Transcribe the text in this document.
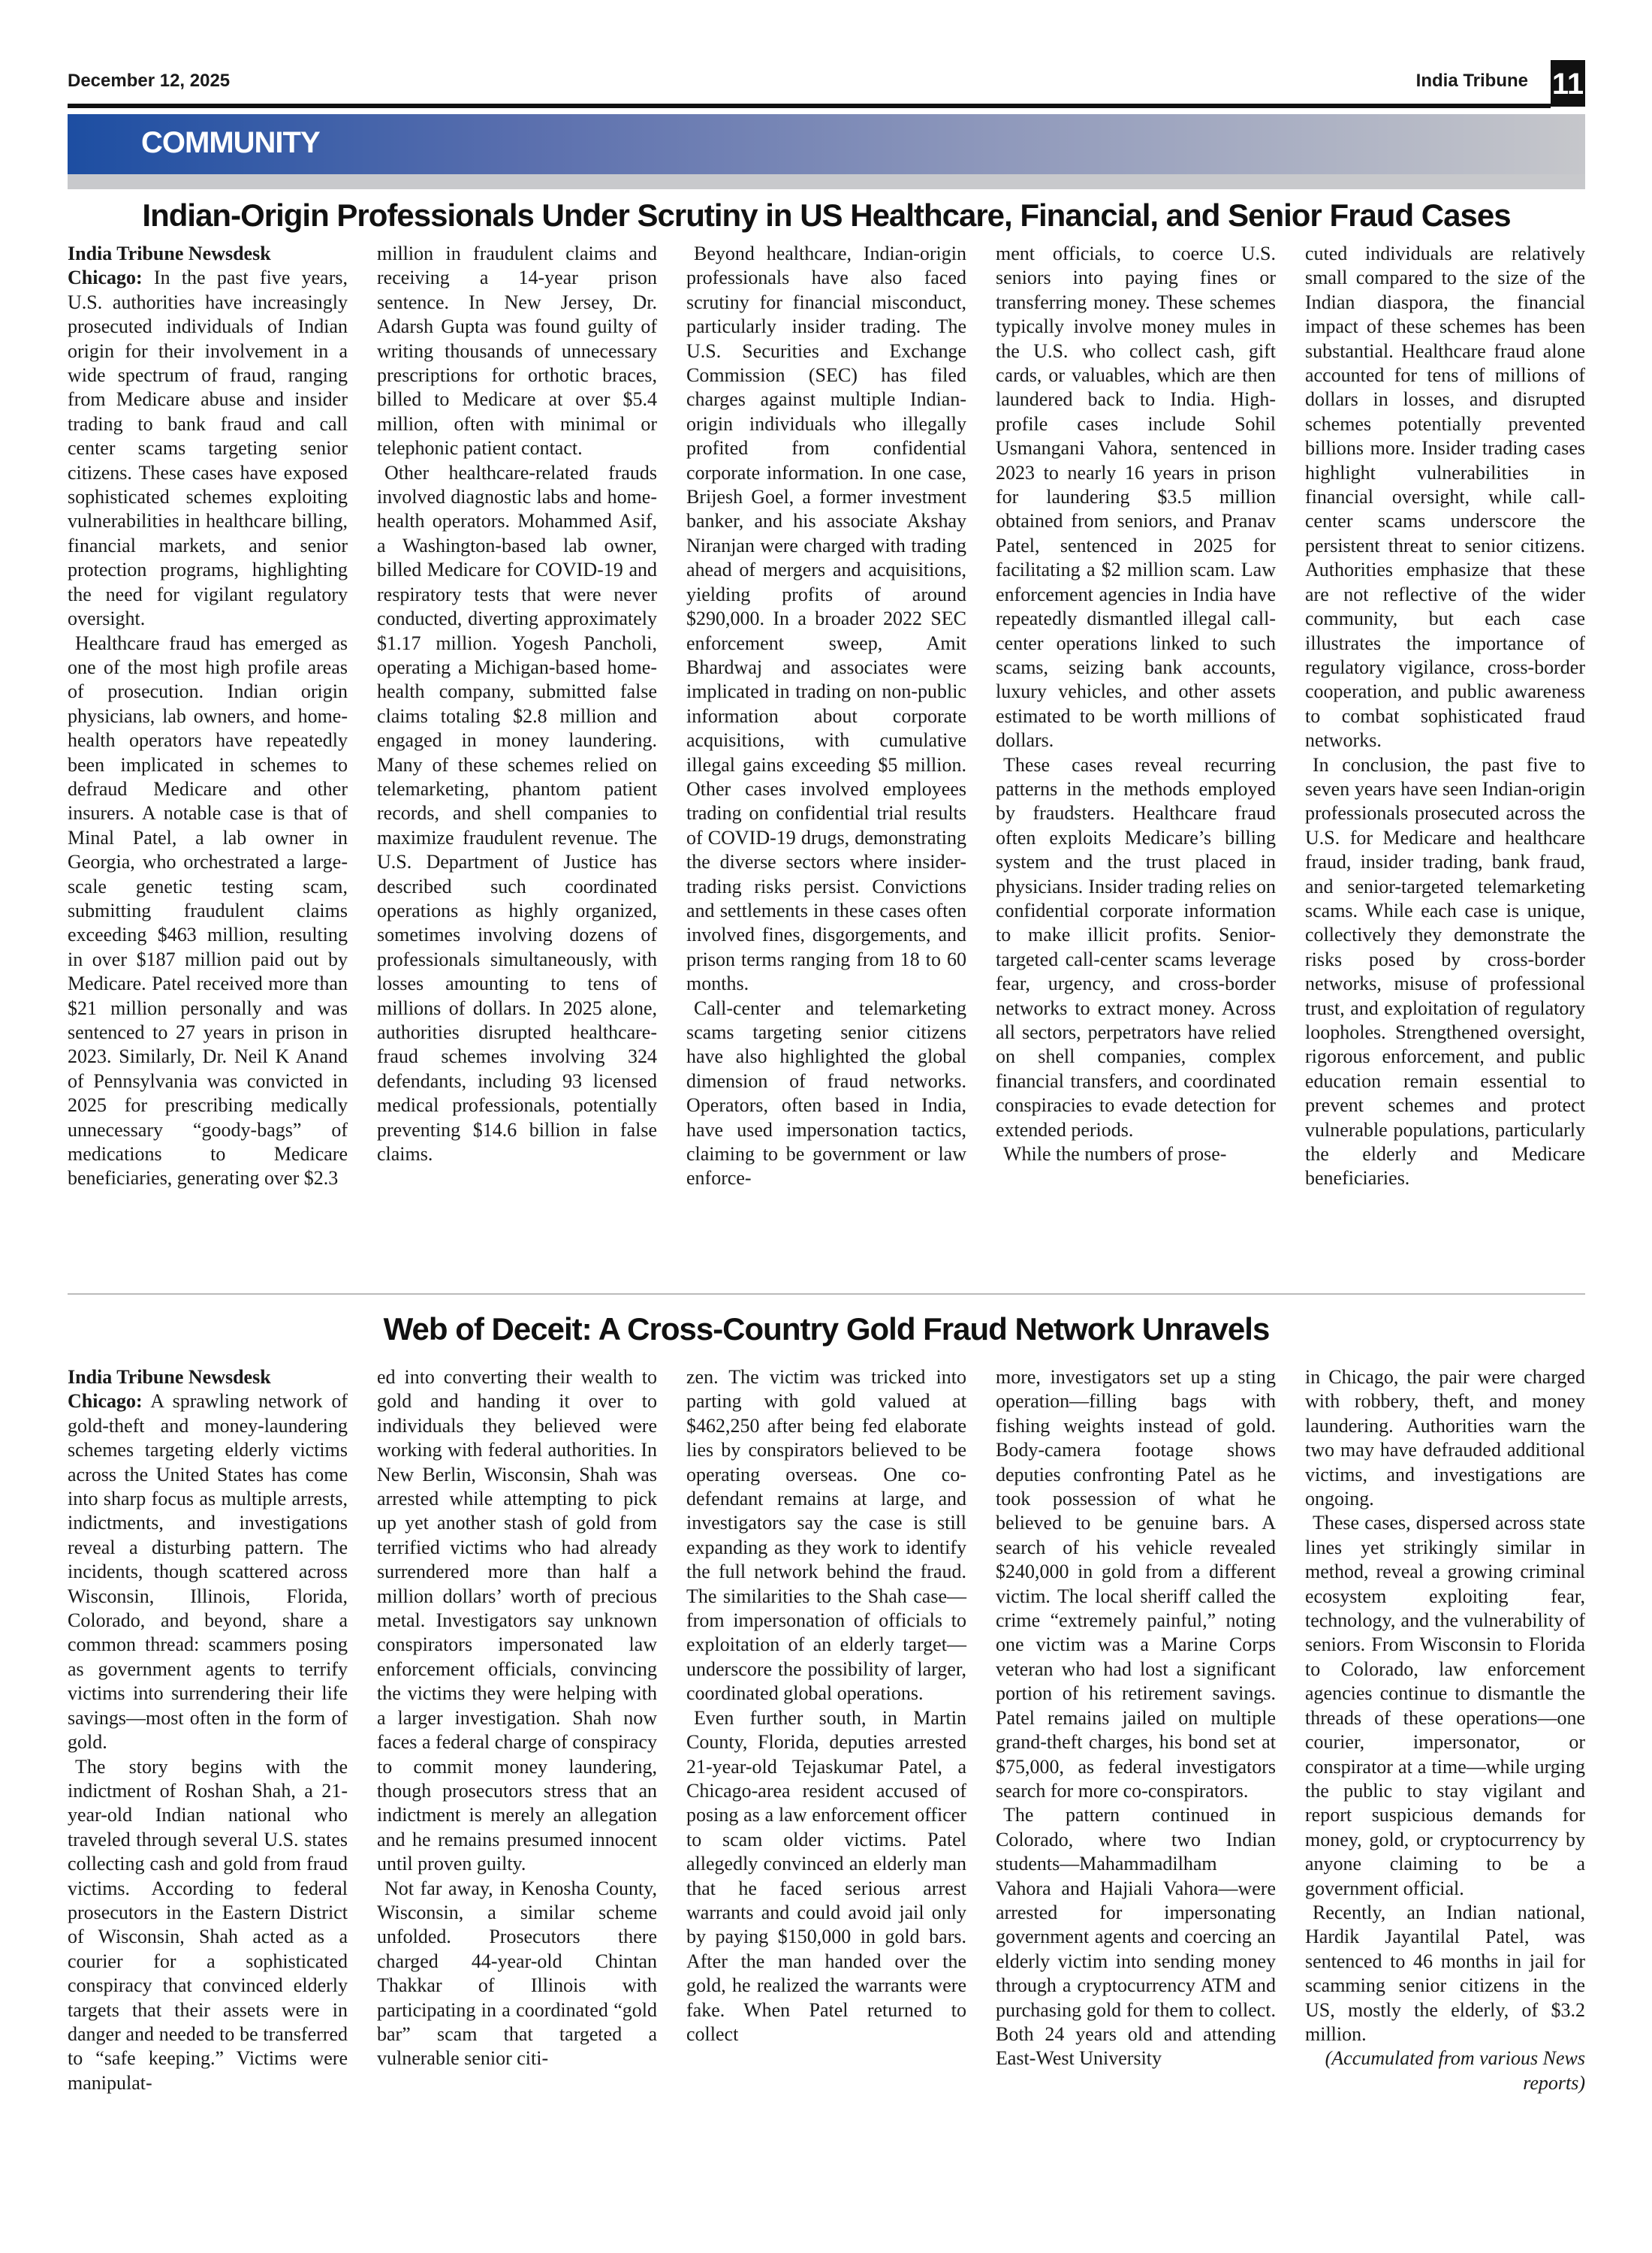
December 12, 2025	India Tribune 11
COMMUNITY
Indian-Origin Professionals Under Scrutiny in US Healthcare, Financial, and Senior Fraud Cases
India Tribune Newsdesk

Chicago: In the past five years, U.S. authorities have increasingly prosecuted individuals of Indian origin for their involvement in a wide spectrum of fraud, ranging from Medicare abuse and insider trading to bank fraud and call center scams targeting senior citizens. These cases have exposed sophisticated schemes exploiting vulnerabilities in healthcare billing, financial markets, and senior protection programs, highlighting the need for vigilant regulatory oversight.

Healthcare fraud has emerged as one of the most high profile areas of prosecution. Indian origin physicians, lab owners, and home-health operators have repeatedly been implicated in schemes to defraud Medicare and other insurers. A notable case is that of Minal Patel, a lab owner in Georgia, who orchestrated a large-scale genetic testing scam, submitting fraudulent claims exceeding $463 million, resulting in over $187 million paid out by Medicare. Patel received more than $21 million personally and was sentenced to 27 years in prison in 2023. Similarly, Dr. Neil K Anand of Pennsylvania was convicted in 2025 for prescribing medically unnecessary “goody-bags” of medications to Medicare beneficiaries, generating over $2.3

million in fraudulent claims and receiving a 14-year prison sentence. In New Jersey, Dr. Adarsh Gupta was found guilty of writing thousands of unnecessary prescriptions for orthotic braces, billed to Medicare at over $5.4 million, often with minimal or telephonic patient contact.

Other healthcare-related frauds involved diagnostic labs and home-health operators. Mohammed Asif, a Washington-based lab owner, billed Medicare for COVID-19 and respiratory tests that were never conducted, diverting approximately $1.17 million. Yogesh Pancholi, operating a Michigan-based home-health company, submitted false claims totaling $2.8 million and engaged in money laundering. Many of these schemes relied on telemarketing, phantom patient records, and shell companies to maximize fraudulent revenue. The U.S. Department of Justice has described such coordinated operations as highly organized, sometimes involving dozens of professionals simultaneously, with losses amounting to tens of millions of dollars. In 2025 alone, authorities disrupted healthcare-fraud schemes involving 324 defendants, including 93 licensed medical professionals, potentially preventing $14.6 billion in false claims.

Beyond healthcare, Indian-origin professionals have also faced scrutiny for financial misconduct, particularly insider trading. The U.S. Securities and Exchange Commission (SEC) has filed charges against multiple Indian-origin individuals who illegally profited from confidential corporate information. In one case, Brijesh Goel, a former investment banker, and his associate Akshay Niranjan were charged with trading ahead of mergers and acquisitions, yielding profits of around $290,000. In a broader 2022 SEC enforcement sweep, Amit Bhardwaj and associates were implicated in trading on non-public information about corporate acquisitions, with cumulative illegal gains exceeding $5 million. Other cases involved employees trading on confidential trial results of COVID-19 drugs, demonstrating the diverse sectors where insider-trading risks persist. Convictions and settlements in these cases often involved fines, disgorgements, and prison terms ranging from 18 to 60 months.

Call-center and telemarketing scams targeting senior citizens have also highlighted the global dimension of fraud networks. Operators, often based in India, have used impersonation tactics, claiming to be government or law enforce-

ment officials, to coerce U.S. seniors into paying fines or transferring money. These schemes typically involve money mules in the U.S. who collect cash, gift cards, or valuables, which are then laundered back to India. High-profile cases include Sohil Usmangani Vahora, sentenced in 2023 to nearly 16 years in prison for laundering $3.5 million obtained from seniors, and Pranav Patel, sentenced in 2025 for facilitating a $2 million scam. Law enforcement agencies in India have repeatedly dismantled illegal call-center operations linked to such scams, seizing bank accounts, luxury vehicles, and other assets estimated to be worth millions of dollars.

These cases reveal recurring patterns in the methods employed by fraudsters. Healthcare fraud often exploits Medicare’s billing system and the trust placed in physicians. Insider trading relies on confidential corporate information to make illicit profits. Senior-targeted call-center scams leverage fear, urgency, and cross-border networks to extract money. Across all sectors, perpetrators have relied on shell companies, complex financial transfers, and coordinated conspiracies to evade detection for extended periods.

While the numbers of prose-

cuted individuals are relatively small compared to the size of the Indian diaspora, the financial impact of these schemes has been substantial. Healthcare fraud alone accounted for tens of millions of dollars in losses, and disrupted schemes potentially prevented billions more. Insider trading cases highlight vulnerabilities in financial oversight, while call-center scams underscore the persistent threat to senior citizens. Authorities emphasize that these are not reflective of the wider community, but each case illustrates the importance of regulatory vigilance, cross-border cooperation, and public awareness to combat sophisticated fraud networks.

In conclusion, the past five to seven years have seen Indian-origin professionals prosecuted across the U.S. for Medicare and healthcare fraud, insider trading, bank fraud, and senior-targeted telemarketing scams. While each case is unique, collectively they demonstrate the risks posed by cross-border networks, misuse of professional trust, and exploitation of regulatory loopholes. Strengthened oversight, rigorous enforcement, and public education remain essential to prevent schemes and protect vulnerable populations, particularly the elderly and Medicare beneficiaries.

Web of Deceit: A Cross-Country Gold Fraud Network Unravels
India Tribune Newsdesk

Chicago: A sprawling network of gold-theft and money-laundering schemes targeting elderly victims across the United States has come into sharp focus as multiple arrests, indictments, and investigations reveal a disturbing pattern. The incidents, though scattered across Wisconsin, Illinois, Florida, Colorado, and beyond, share a common thread: scammers posing as government agents to terrify victims into surrendering their life savings—most often in the form of gold.

The story begins with the indictment of Roshan Shah, a 21-year-old Indian national who traveled through several U.S. states collecting cash and gold from fraud victims. According to federal prosecutors in the Eastern District of Wisconsin, Shah acted as a courier for a sophisticated conspiracy that convinced elderly targets that their assets were in danger and needed to be transferred to “safe keeping.” Victims were manipulat-

ed into converting their wealth to gold and handing it over to individuals they believed were working with federal authorities. In New Berlin, Wisconsin, Shah was arrested while attempting to pick up yet another stash of gold from terrified victims who had already surrendered more than half a million dollars’ worth of precious metal. Investigators say unknown conspirators impersonated law enforcement officials, convincing the victims they were helping with a larger investigation. Shah now faces a federal charge of conspiracy to commit money laundering, though prosecutors stress that an indictment is merely an allegation and he remains presumed innocent until proven guilty.

Not far away, in Kenosha County, Wisconsin, a similar scheme unfolded. Prosecutors there charged 44-year-old Chintan Thakkar of Illinois with participating in a coordinated “gold bar” scam that targeted a vulnerable senior citi-

zen. The victim was tricked into parting with gold valued at $462,250 after being fed elaborate lies by conspirators believed to be operating overseas. One co-defendant remains at large, and investigators say the case is still expanding as they work to identify the full network behind the fraud. The similarities to the Shah case—from impersonation of officials to exploitation of an elderly target—underscore the possibility of larger, coordinated global operations.

Even further south, in Martin County, Florida, deputies arrested 21-year-old Tejaskumar Patel, a Chicago-area resident accused of posing as a law enforcement officer to scam older victims. Patel allegedly convinced an elderly man that he faced serious arrest warrants and could avoid jail only by paying $150,000 in gold bars. After the man handed over the gold, he realized the warrants were fake. When Patel returned to collect

more, investigators set up a sting operation—filling bags with fishing weights instead of gold. Body-camera footage shows deputies confronting Patel as he took possession of what he believed to be genuine bars. A search of his vehicle revealed $240,000 in gold from a different victim. The local sheriff called the crime “extremely painful,” noting one victim was a Marine Corps veteran who had lost a significant portion of his retirement savings. Patel remains jailed on multiple grand-theft charges, his bond set at $75,000, as federal investigators search for more co-conspirators.

The pattern continued in Colorado, where two Indian students—Mahammadilham Vahora and Hajiali Vahora—were arrested for impersonating government agents and coercing an elderly victim into sending money through a cryptocurrency ATM and purchasing gold for them to collect. Both 24 years old and attending East-West University

in Chicago, the pair were charged with robbery, theft, and money laundering. Authorities warn the two may have defrauded additional victims, and investigations are ongoing.

These cases, dispersed across state lines yet strikingly similar in method, reveal a growing criminal ecosystem exploiting fear, technology, and the vulnerability of seniors. From Wisconsin to Florida to Colorado, law enforcement agencies continue to dismantle the threads of these operations—one courier, impersonator, or conspirator at a time—while urging the public to stay vigilant and report suspicious demands for money, gold, or cryptocurrency by anyone claiming to be a government official.

Recently, an Indian national, Hardik Jayantilal Patel, was sentenced to 46 months in jail for scamming senior citizens in the US, mostly the elderly, of $3.2 million.

(Accumulated from various News reports)
